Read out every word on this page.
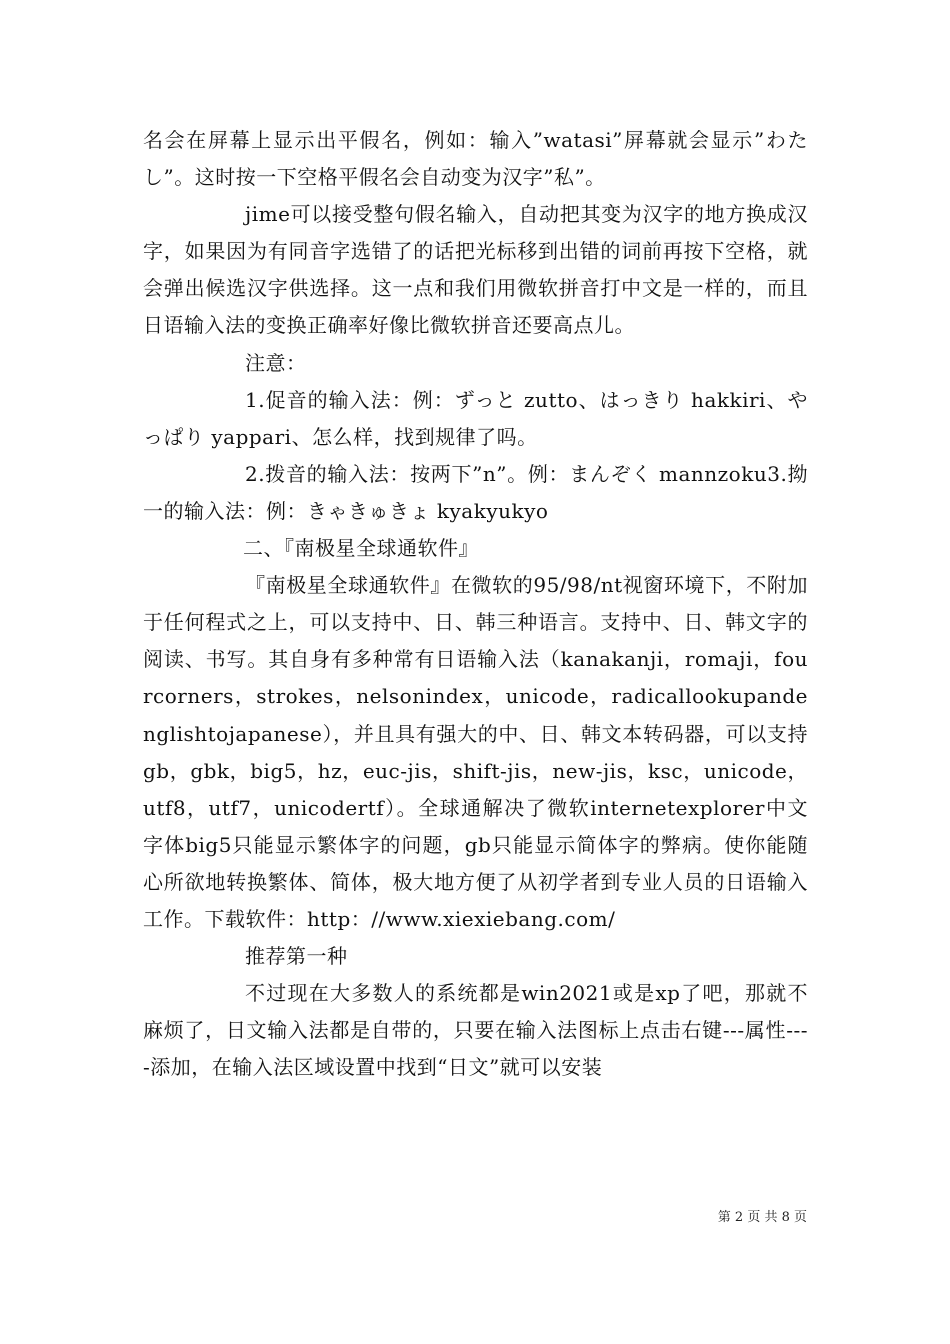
名会在屏幕上显示出平假名，例如：输入”watasi”屏幕就会显示”わたし”。这时按一下空格平假名会自动变为汉字”私”。

jime可以接受整句假名输入，自动把其变为汉字的地方换成汉字，如果因为有同音字选错了的话把光标移到出错的词前再按下空格，就会弹出候选汉字供选择。这一点和我们用微软拼音打中文是一样的，而且日语输入法的变换正确率好像比微软拼音还要高点儿。

注意：

1.促音的输入法：例：ずっと zutto、はっきり hakkiri、やっぱり yappari、怎么样，找到规律了吗。

2.拨音的输入法：按两下”n”。例：まんぞく mannzoku3.拗一的输入法：例：きゃきゅきょ kyakyukyo

二、『南极星全球通软件』

『南极星全球通软件』在微软的95/98/nt视窗环境下，不附加于任何程式之上，可以支持中、日、韩三种语言。支持中、日、韩文字的阅读、书写。其自身有多种常有日语输入法（kanakanji，romaji，fourcorners，strokes，nelsonindex，unicode，radicallookupandenglishtojapanese），并且具有强大的中、日、韩文本转码器，可以支持gb，gbk，big5，hz，euc-jis，shift-jis，new-jis，ksc，unicode，utf8，utf7，unicodertf）。全球通解决了微软internetexplorer中文字体big5只能显示繁体字的问题，gb只能显示简体字的弊病。使你能随心所欲地转换繁体、简体，极大地方便了从初学者到专业人员的日语输入工作。下载软件：http：//www.xiexiebang.com/

推荐第一种

不过现在大多数人的系统都是win2021或是xp了吧，那就不麻烦了，日文输入法都是自带的，只要在输入法图标上点击右键---属性----添加，在输入法区域设置中找到“日文”就可以安装

第 2 页 共 8 页
